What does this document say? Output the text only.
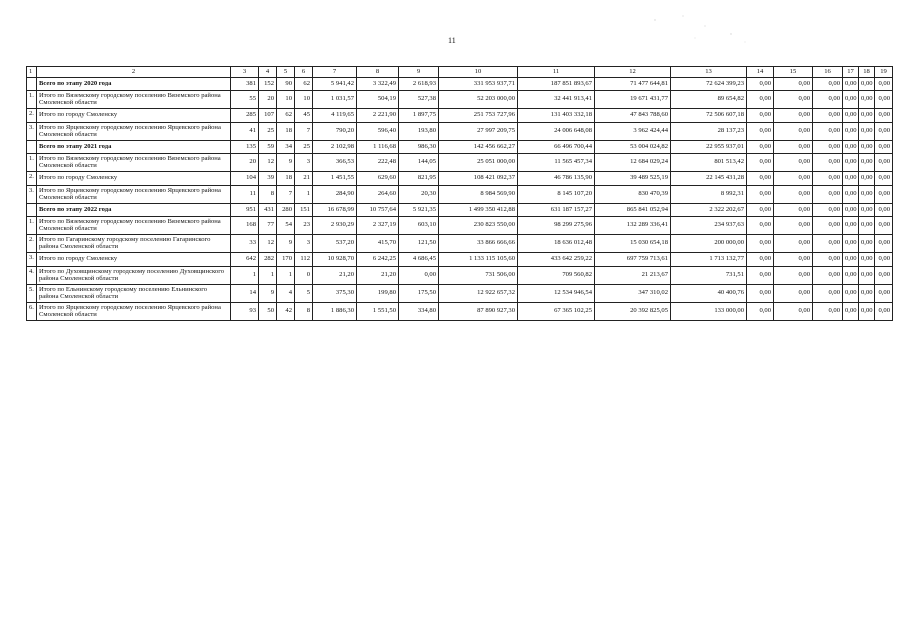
11
1	2	3	4	5	6	7	8	9	10	11	12	13	14	15	16	17	18	19
	Всего по этапу 2020 года	381	152	90	62	5 941,42	3 322,49	2 618,93	331 953 937,71	187 851 893,67	71 477 644,81	72 624 399,23	0,00	0,00	0,00	0,00	0,00	0,00
1.	Итого по Вяземскому городскому поселению Вяземского района Смоленской области	55	20	10	10	1 031,57	504,19	527,38	52 203 000,00	32 441 913,41	19 671 431,77	89 654,82	0,00	0,00	0,00	0,00	0,00	0,00
2.	Итого по городу Смоленску	285	107	62	45	4 119,65	2 221,90	1 897,75	251 753 727,96	131 403 332,18	47 843 788,60	72 506 607,18	0,00	0,00	0,00	0,00	0,00	0,00
3.	Итого по Ярцевскому городскому поселению Ярцевского района Смоленской области	41	25	18	7	790,20	596,40	193,80	27 997 209,75	24 006 648,08	3 962 424,44	28 137,23	0,00	0,00	0,00	0,00	0,00	0,00
	Всего по этапу 2021 года	135	59	34	25	2 102,98	1 116,68	986,30	142 456 662,27	66 496 700,44	53 004 024,82	22 955 937,01	0,00	0,00	0,00	0,00	0,00	0,00
1.	Итого по Вяземскому городскому поселению Вяземского района Смоленской области	20	12	9	3	366,53	222,48	144,05	25 051 000,00	11 565 457,34	12 684 029,24	801 513,42	0,00	0,00	0,00	0,00	0,00	0,00
2.	Итого по городу Смоленску	104	39	18	21	1 451,55	629,60	821,95	108 421 092,37	46 786 135,90	39 489 525,19	22 145 431,28	0,00	0,00	0,00	0,00	0,00	0,00
3.	Итого по Ярцевскому городскому поселению Ярцевского района Смоленской области	11	8	7	1	284,90	264,60	20,30	8 984 569,90	8 145 107,20	830 470,39	8 992,31	0,00	0,00	0,00	0,00	0,00	0,00
	Всего по этапу 2022 года	951	431	280	151	16 678,99	10 757,64	5 921,35	1 499 350 412,88	631 187 157,27	865 841 052,94	2 322 202,67	0,00	0,00	0,00	0,00	0,00	0,00
1.	Итого по Вяземскому городскому поселению Вяземского района Смоленской области	168	77	54	23	2 930,29	2 327,19	603,10	230 823 550,00	98 299 275,96	132 289 336,41	234 937,63	0,00	0,00	0,00	0,00	0,00	0,00
2.	Итого по Гагаринскому городскому поселению Гагаринского района Смоленской области	33	12	9	3	537,20	415,70	121,50	33 866 666,66	18 636 012,48	15 030 654,18	200 000,00	0,00	0,00	0,00	0,00	0,00	0,00
3.	Итого по городу Смоленску	642	282	170	112	10 928,70	6 242,25	4 686,45	1 133 115 105,60	433 642 259,22	697 759 713,61	1 713 132,77	0,00	0,00	0,00	0,00	0,00	0,00
4.	Итого по Духовщинскому городскому поселению Духовщинского района Смоленской области	1	1	1	0	21,20	21,20	0,00	731 506,00	709 560,82	21 213,67	731,51	0,00	0,00	0,00	0,00	0,00	0,00
5.	Итого по Ельнинскому городскому поселению Ельнинского района Смоленской области	14	9	4	5	375,30	199,80	175,50	12 922 657,32	12 534 946,54	347 310,02	40 400,76	0,00	0,00	0,00	0,00	0,00	0,00
6.	Итого по Ярцевскому городскому поселению Ярцевского района Смоленской области	93	50	42	8	1 886,30	1 551,50	334,80	87 890 927,30	67 365 102,25	20 392 825,05	133 000,00	0,00	0,00	0,00	0,00	0,00	0,00
